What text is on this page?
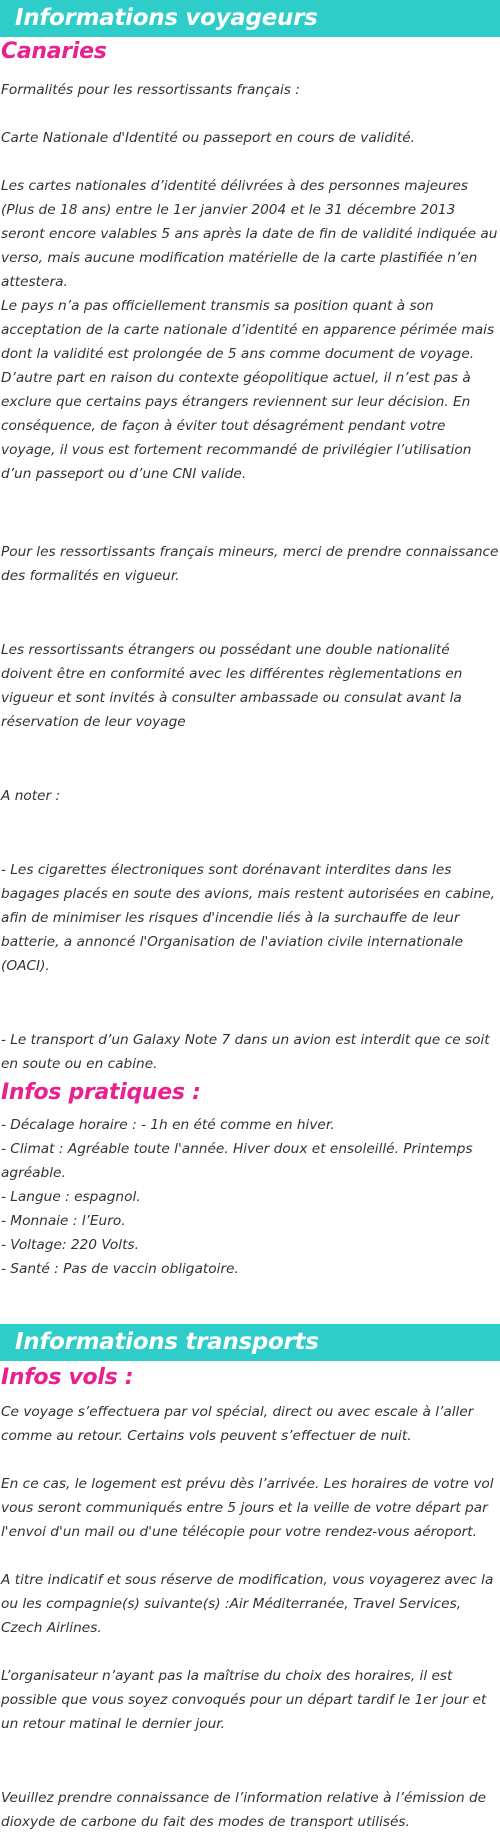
Informations voyageurs
Canaries

Formalités pour les ressortissants français :

Carte Nationale d'Identité ou passeport en cours de validité.

Les cartes nationales d’identité délivrées à des personnes majeures (Plus de 18 ans) entre le 1er janvier 2004 et le 31 décembre 2013 seront encore valables 5 ans après la date de fin de validité indiquée au verso, mais aucune modification matérielle de la carte plastifiée n’en attestera.
Le pays n’a pas officiellement transmis sa position quant à son acceptation de la carte nationale d’identité en apparence périmée mais dont la validité est prolongée de 5 ans comme document de voyage. D’autre part en raison du contexte géopolitique actuel, il n’est pas à exclure que certains pays étrangers reviennent sur leur décision. En conséquence, de façon à éviter tout désagrément pendant votre voyage, il vous est fortement recommandé de privilégier l’utilisation d’un passeport ou d’une CNI valide.

Pour les ressortissants français mineurs, merci de prendre connaissance des formalités en vigueur.

Les ressortissants étrangers ou possédant une double nationalité doivent être en conformité avec les différentes règlementations en vigueur et sont invités à consulter ambassade ou consulat avant la réservation de leur voyage

A noter :

- Les cigarettes électroniques sont dorénavant interdites dans les bagages placés en soute des avions, mais restent autorisées en cabine, afin de minimiser les risques d'incendie liés à la surchauffe de leur batterie, a annoncé l'Organisation de l'aviation civile internationale (OACI).

- Le transport d’un Galaxy Note 7 dans un avion est interdit que ce soit en soute ou en cabine.

Infos pratiques :
- Décalage horaire : - 1h en été comme en hiver.
- Climat : Agréable toute l'année. Hiver doux et ensoleillé. Printemps agréable.
- Langue : espagnol.
- Monnaie : l’Euro.
- Voltage: 220 Volts.
- Santé : Pas de vaccin obligatoire.
Informations transports
Infos vols :

Ce voyage s’effectuera par vol spécial, direct ou avec escale à l’aller comme au retour. Certains vols peuvent s’effectuer de nuit.

En ce cas, le logement est prévu dès l’arrivée. Les horaires de votre vol vous seront communiqués entre 5 jours et la veille de votre départ par l'envoi d'un mail ou d'une télécopie pour votre rendez-vous aéroport.

A titre indicatif et sous réserve de modification, vous voyagerez avec la ou les compagnie(s) suivante(s) :Air Méditerranée, Travel Services, Czech Airlines.

L’organisateur n’ayant pas la maîtrise du choix des horaires, il est possible que vous soyez convoqués pour un départ tardif le 1er jour et un retour matinal le dernier jour.

Veuillez prendre connaissance de l’information relative à l’émission de dioxyde de carbone du fait des modes de transport utilisés.
